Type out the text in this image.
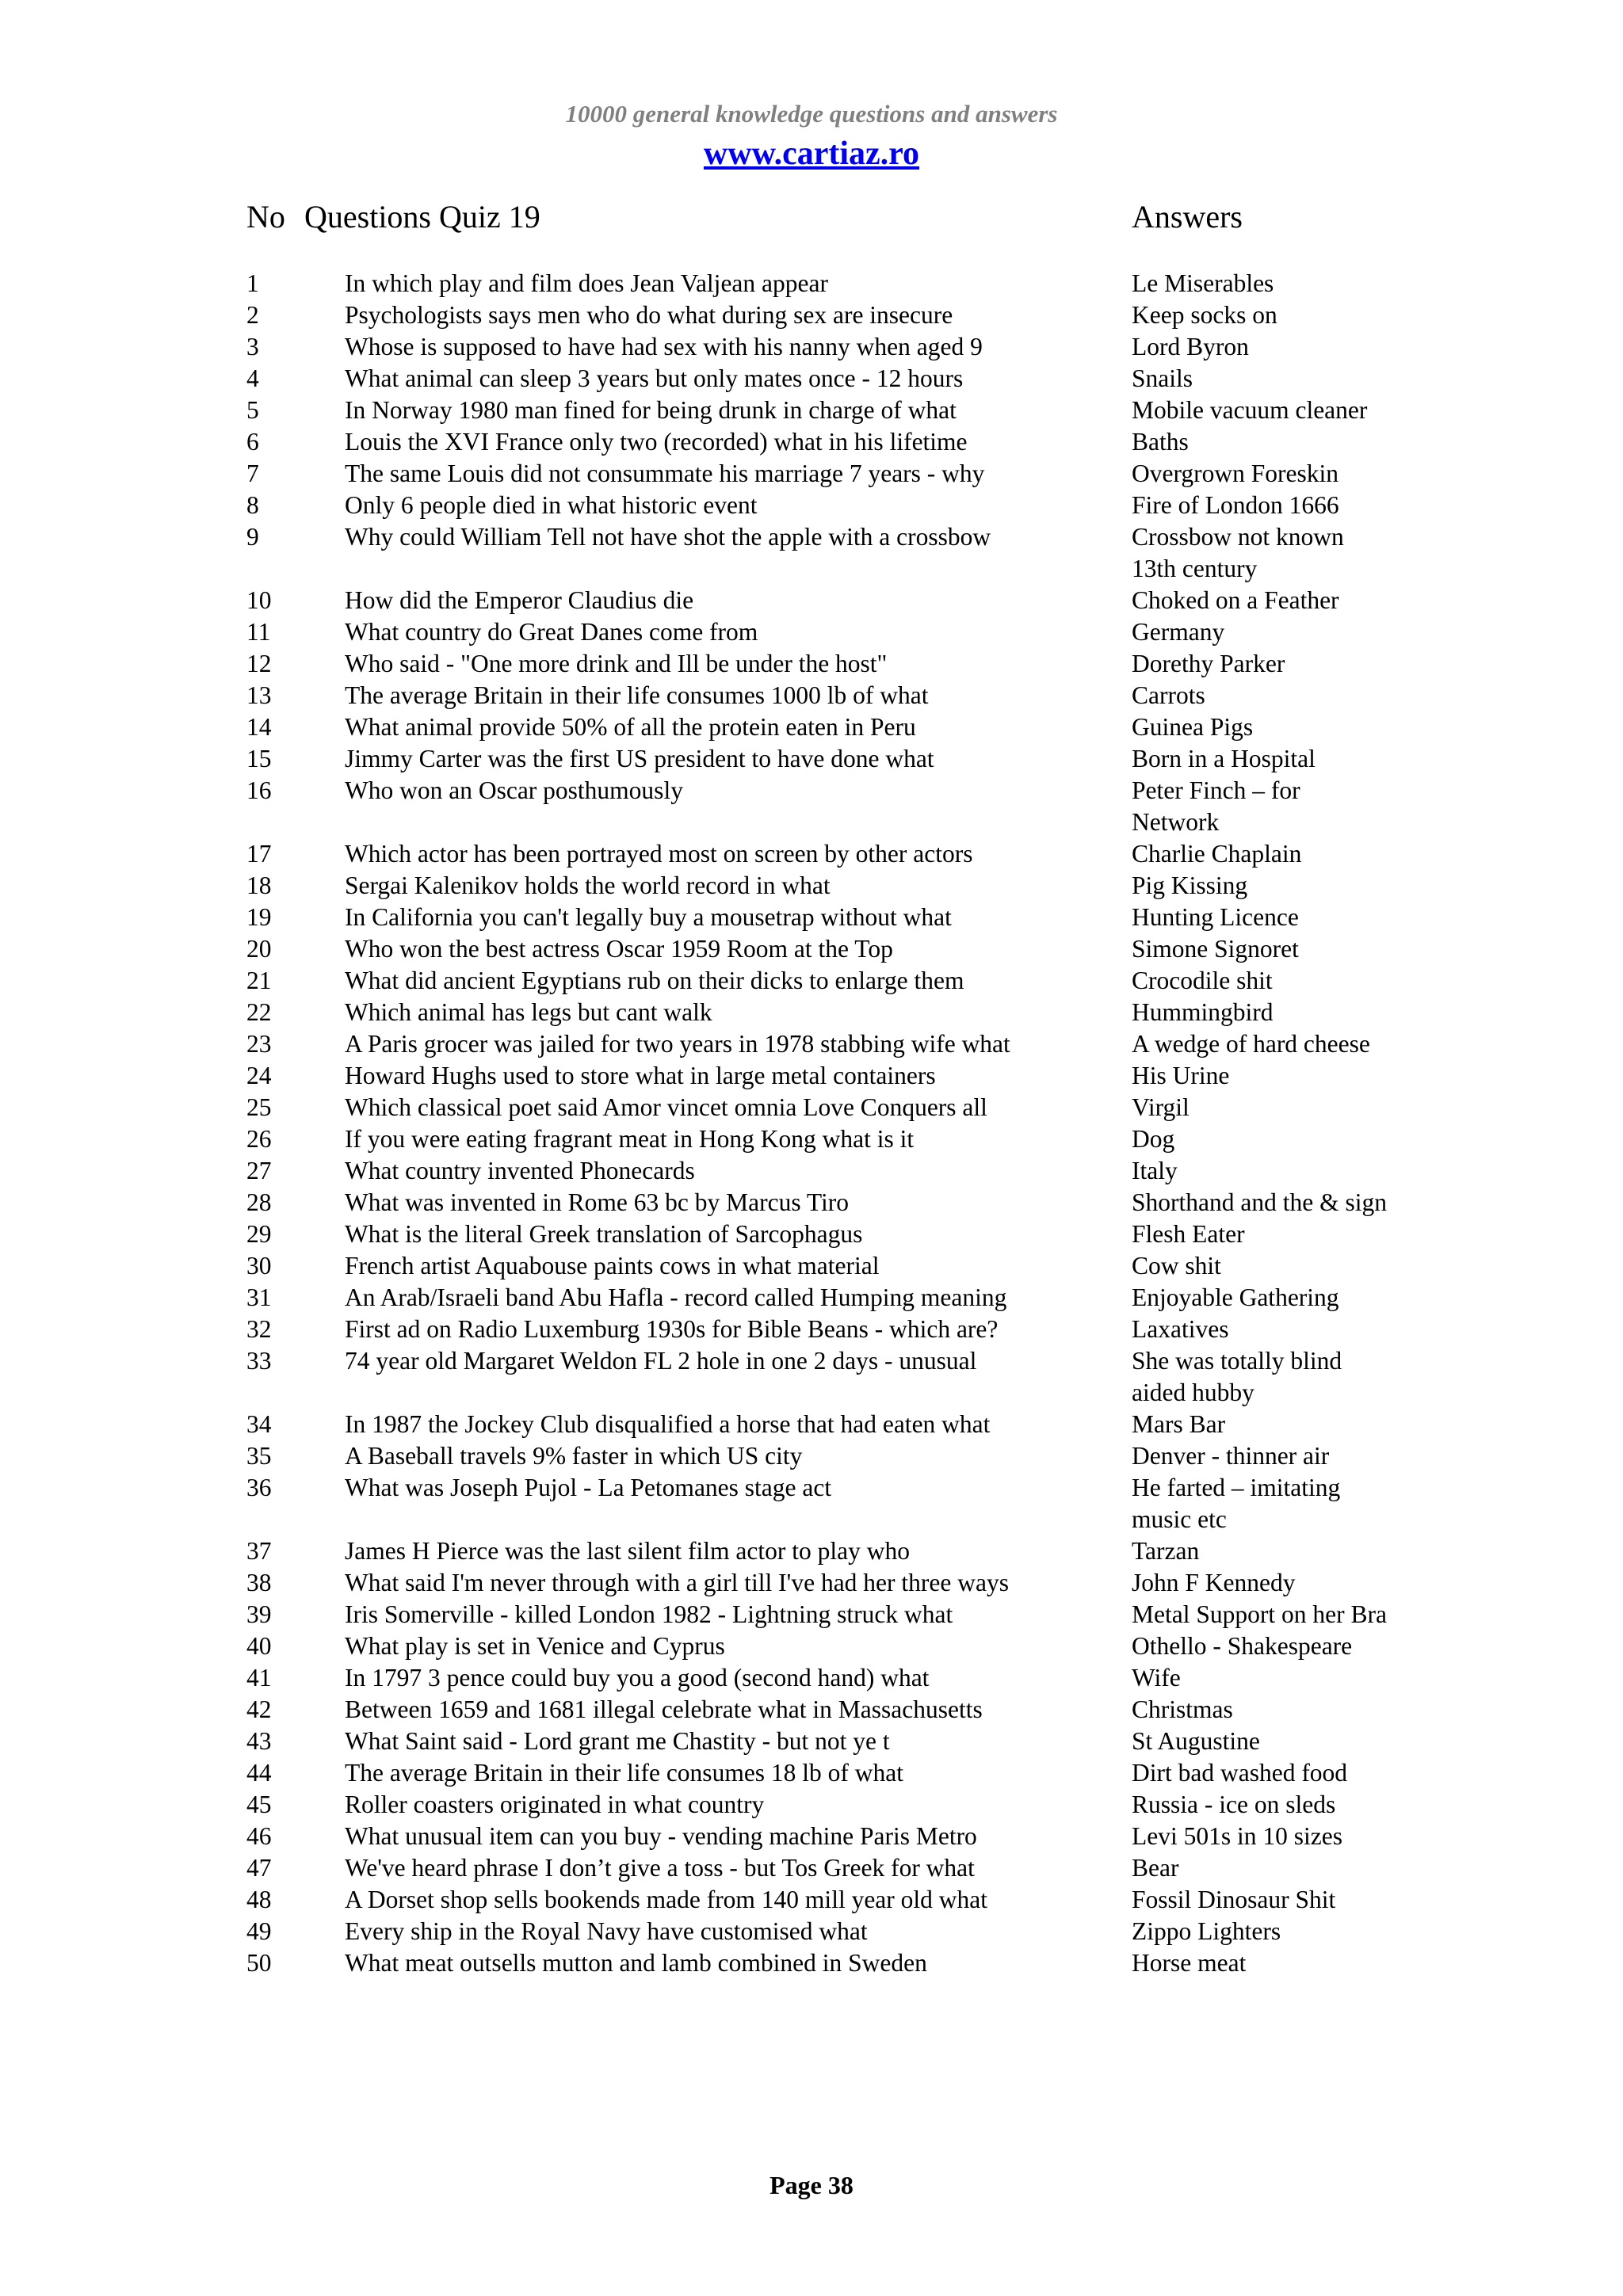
10000 general knowledge questions and answers
www.cartiaz.ro
No Questions Quiz 19	Answers
1	In which play and film does Jean Valjean appear	Le Miserables
2	Psychologists says men who do what during sex are insecure	Keep socks on
3	Whose is supposed to have had sex with his nanny when aged 9	Lord Byron
4	What animal can sleep 3 years but only mates once - 12 hours	Snails
5	In Norway 1980 man fined for being drunk in charge of what	Mobile vacuum cleaner
6	Louis the XVI France only two (recorded) what in his lifetime	Baths
7	The same Louis did not consummate his marriage 7 years - why	Overgrown Foreskin
8	Only 6 people died in what historic event	Fire of London 1666
9	Why could William Tell not have shot the apple with a crossbow	Crossbow not known 13th century
10	How did the Emperor Claudius die	Choked on a Feather
11	What country do Great Danes come from	Germany
12	Who said - "One more drink and Ill be under the host"	Dorethy Parker
13	The average Britain in their life consumes 1000 lb of what	Carrots
14	What animal provide 50% of all the protein eaten in Peru	Guinea Pigs
15	Jimmy Carter was the first US president to have done what	Born in a Hospital
16	Who won an Oscar posthumously	Peter Finch – for Network
17	Which actor has been portrayed most on screen by other actors	Charlie Chaplain
18	Sergai Kalenikov holds the world record in what	Pig Kissing
19	In California you can't legally buy a mousetrap without what	Hunting Licence
20	Who won the best actress Oscar 1959 Room at the Top	Simone Signoret
21	What did ancient Egyptians rub on their dicks to enlarge them	Crocodile shit
22	Which animal has legs but cant walk	Hummingbird
23	A Paris grocer was jailed for two years in 1978 stabbing wife what	A wedge of hard cheese
24	Howard Hughs used to store what in large metal containers	His Urine
25	Which classical poet said Amor vincet omnia Love Conquers all	Virgil
26	If you were eating fragrant meat in Hong Kong what is it	Dog
27	What country invented Phonecards	Italy
28	What was invented in Rome 63 bc by Marcus Tiro	Shorthand and the & sign
29	What is the literal Greek translation of Sarcophagus	Flesh Eater
30	French artist Aquabouse paints cows in what material	Cow shit
31	An Arab/Israeli band Abu Hafla - record called Humping meaning	Enjoyable Gathering
32	First ad on Radio Luxemburg 1930s for Bible Beans - which are?	Laxatives
33	74 year old Margaret Weldon FL 2 hole in one 2 days - unusual	She was totally blind aided hubby
34	In 1987 the Jockey Club disqualified a horse that had eaten what	Mars Bar
35	A Baseball travels 9% faster in which US city	Denver - thinner air
36	What was Joseph Pujol - La Petomanes stage act	He farted – imitating music etc
37	James H Pierce was the last silent film actor to play who	Tarzan
38	What said I'm never through with a girl till I've had her three ways	John F Kennedy
39	Iris Somerville - killed London 1982 - Lightning struck what	Metal Support on her Bra
40	What play is set in Venice and Cyprus	Othello - Shakespeare
41	In 1797 3 pence could buy you a good (second hand) what	Wife
42	Between 1659 and 1681 illegal celebrate what in Massachusetts	Christmas
43	What Saint said - Lord grant me Chastity - but not ye t	St Augustine
44	The average Britain in their life consumes 18 lb of what	Dirt bad washed food
45	Roller coasters originated in what country	Russia - ice on sleds
46	What unusual item can you buy - vending machine Paris Metro	Levi 501s in 10 sizes
47	We've heard phrase I don’t give a toss - but Tos Greek for what	Bear
48	A Dorset shop sells bookends made from 140 mill year old what	Fossil Dinosaur Shit
49	Every ship in the Royal Navy have customised what	Zippo Lighters
50	What meat outsells mutton and lamb combined in Sweden	Horse meat
Page 38
